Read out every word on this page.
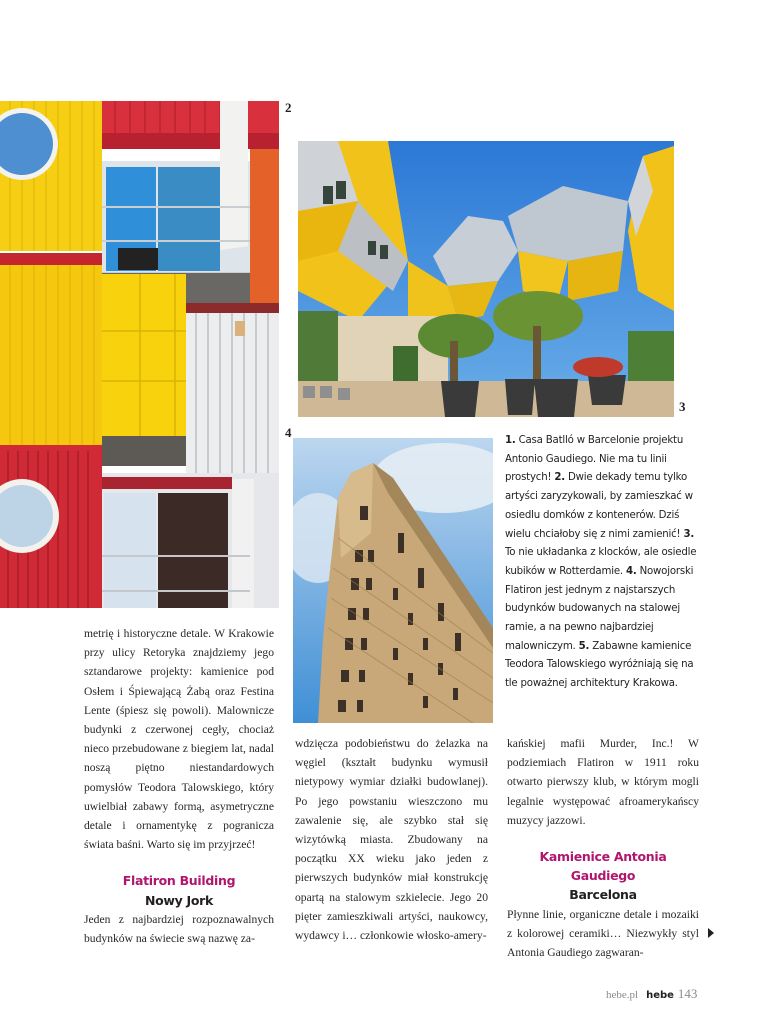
2
3
4
1. Casa Batlló w Barcelonie projektu Antonio Gaudiego. Nie ma tu linii prostych! 2. Dwie dekady temu tylko artyści zaryzykowali, by zamieszkać w osiedlu domków z kontenerów. Dziś wielu chciałoby się z nimi zamienić! 3. To nie układanka z klocków, ale osiedle kubików w Rotterdamie. 4. Nowojorski Flatiron jest jednym z najstarszych budynków budowanych na stalowej ramie, a na pewno najbardziej malowniczym. 5. Zabawne kamienice Teodora Talowskiego wyróżniają się na tle poważnej architektury Krakowa.

metrię i historyczne detale. W Krakowie przy ulicy Retoryka znajdziemy jego sztandarowe projekty: kamienice pod Osłem i Śpiewającą Żabą oraz Festina Lente (śpiesz się powoli). Malownicze budynki z czerwonej cegły, chociaż nieco przebudowane z biegiem lat, nadal noszą piętno niestandardowych pomysłów Teodora Talowskiego, który uwielbiał zabawy formą, asymetryczne detale i ornamentykę z pogranicza świata baśni. Warto się im przyjrzeć!

Flatiron Building
Nowy Jork

Jeden z najbardziej rozpoznawalnych budynków na świecie swą nazwę za-

wdzięcza podobieństwu do żelazka na węgiel (kształt budynku wymusił nietypowy wymiar działki budowlanej). Po jego powstaniu wieszczono mu zawalenie się, ale szybko stał się wizytówką miasta. Zbudowany na początku XX wieku jako jeden z pierwszych budynków miał konstrukcję opartą na stalowym szkielecie. Jego 20 pięter zamieszkiwali artyści, naukowcy, wydawcy i… członkowie włosko-amery-

kańskiej mafii Murder, Inc.! W podziemiach Flatiron w 1911 roku otwarto pierwszy klub, w którym mogli legalnie występować afroamerykańscy muzycy jazzowi.

Kamienice Antonia Gaudiego
Barcelona

Płynne linie, organiczne detale i mozaiki z kolorowej ceramiki… Niezwykły styl Antonia Gaudiego zagwaran-

hebe.pl hebe 143
